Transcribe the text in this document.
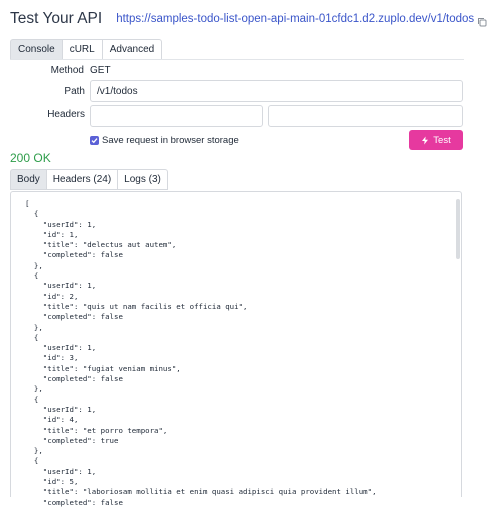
Test Your API https://samples-todo-list-open-api-main-01cfdc1.d2.zuplo.dev/v1/todos
Console	cURL	Advanced
Method GET
Path
/v1/todos
Headers
Save request in browser storage	Test
200 OK
Body	Headers (24)	Logs (3)
[
{
"userId": 1,
"id": 1,
"title": "delectus aut autem",
"completed": false
},
{
"userId": 1,
"id": 2,
"title": "quis ut nam facilis et officia qui",
"completed": false
},
{
"userId": 1,
"id": 3,
"title": "fugiat veniam minus",
"completed": false
},
{
"userId": 1,
"id": 4,
"title": "et porro tempora",
"completed": true
},
{
"userId": 1,
"id": 5,
"title": "laboriosam mollitia et enim quasi adipisci quia provident illum",
"completed": false
